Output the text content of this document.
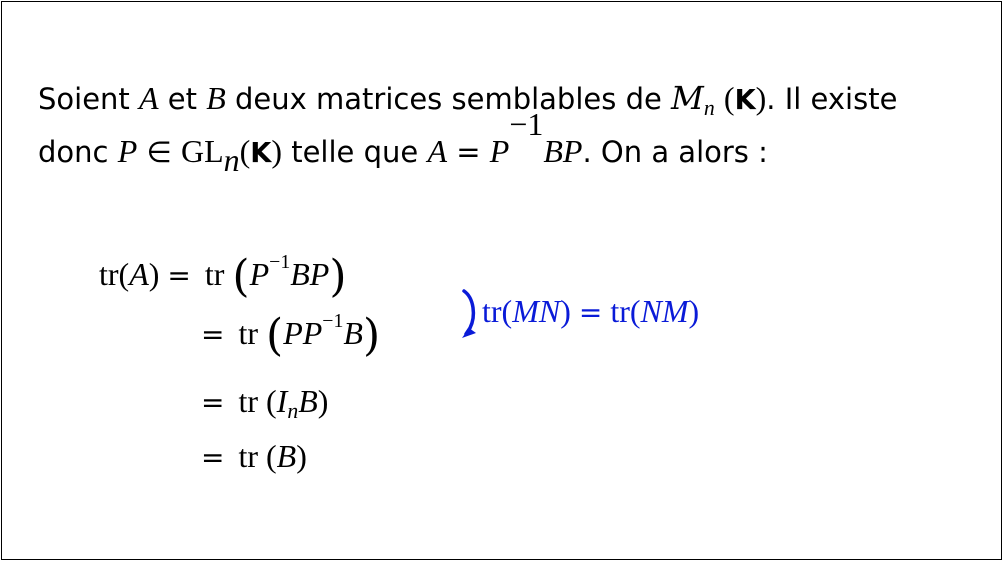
Soient A et B deux matrices semblables de $M_n$ (K). Il existe
donc P ∈ $GL_n(K)$ telle que $A = P^{-1}BP$. On a alors :
tr(A) = tr $(P^{-1}BP)$
= tr $(PP^{-1}B)$
= tr $(I_nB)$
= tr (B)
tr(MN) = tr(NM)
